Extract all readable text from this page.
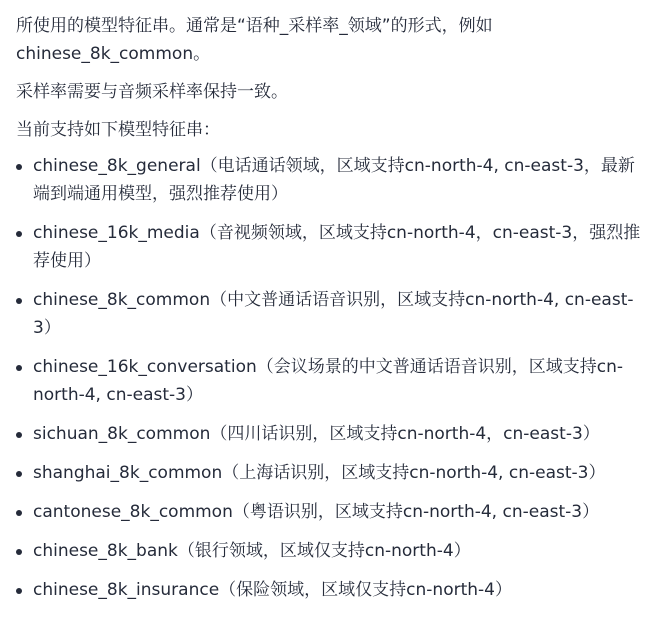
所使用的模型特征串。通常是“语种_采样率_领域”的形式，例如chinese_8k_common。

采样率需要与音频采样率保持一致。

当前支持如下模型特征串：

chinese_8k_general（电话通话领域，区域支持cn-north-4, cn-east-3，最新端到端通用模型，强烈推荐使用）
chinese_16k_media（音视频领域，区域支持cn-north-4，cn-east-3，强烈推荐使用）
chinese_8k_common（中文普通话语音识别，区域支持cn-north-4, cn-east-3）
chinese_16k_conversation（会议场景的中文普通话语音识别，区域支持cn-north-4, cn-east-3）
sichuan_8k_common（四川话识别，区域支持cn-north-4，cn-east-3）
shanghai_8k_common（上海话识别，区域支持cn-north-4, cn-east-3）
cantonese_8k_common（粤语识别，区域支持cn-north-4, cn-east-3）
chinese_8k_bank（银行领域，区域仅支持cn-north-4）
chinese_8k_insurance（保险领域，区域仅支持cn-north-4）
